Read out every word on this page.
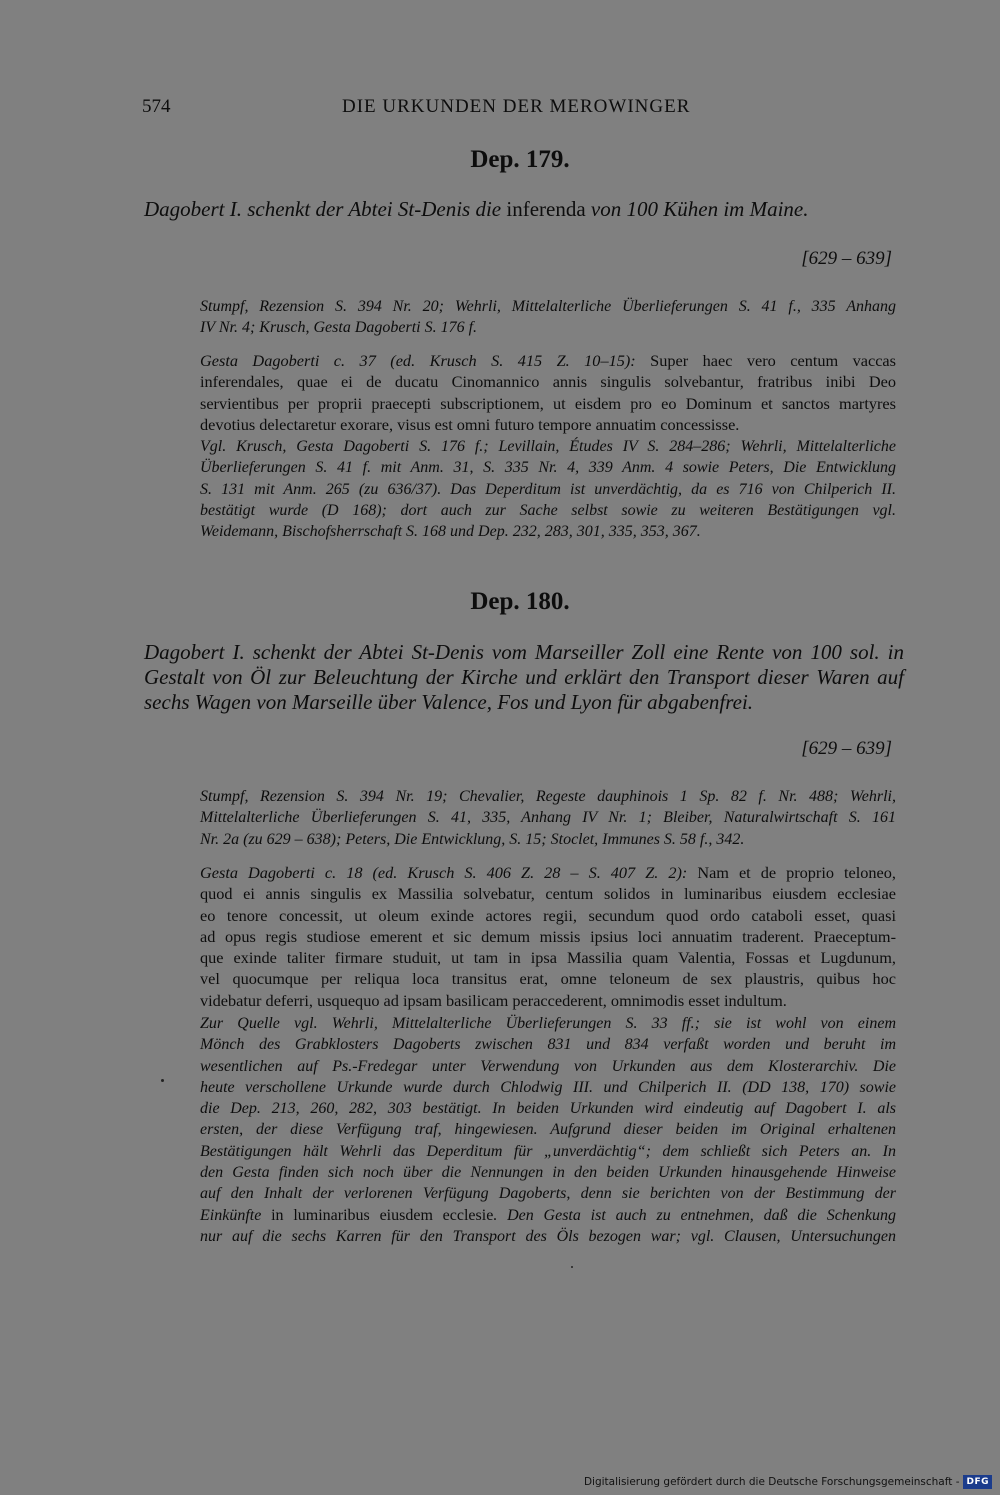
574	DIE URKUNDEN DER MEROWINGER
Dep. 179.
Dagobert I. schenkt der Abtei St-Denis die inferenda von 100 Kühen im Maine.
[629 – 639]
Stumpf, Rezension S. 394 Nr. 20; Wehrli, Mittelalterliche Überlieferungen S. 41 f., 335 Anhang
IV Nr. 4; Krusch, Gesta Dagoberti S. 176 f.
Gesta Dagoberti c. 37 (ed. Krusch S. 415 Z. 10–15): Super haec vero centum vaccas
inferendales, quae ei de ducatu Cinomannico annis singulis solvebantur, fratribus inibi Deo
servientibus per proprii praecepti subscriptionem, ut eisdem pro eo Dominum et sanctos martyres
devotius delectaretur exorare, visus est omni futuro tempore annuatim concessisse.
Vgl. Krusch, Gesta Dagoberti S. 176 f.; Levillain, Études IV S. 284–286; Wehrli, Mittelalterliche
Überlieferungen S. 41 f. mit Anm. 31, S. 335 Nr. 4, 339 Anm. 4 sowie Peters, Die Entwicklung
S. 131 mit Anm. 265 (zu 636/37). Das Deperditum ist unverdächtig, da es 716 von Chilperich II.
bestätigt wurde (D 168); dort auch zur Sache selbst sowie zu weiteren Bestätigungen vgl.
Weidemann, Bischofsherrschaft S. 168 und Dep. 232, 283, 301, 335, 353, 367.
Dep. 180.
Dagobert I. schenkt der Abtei St-Denis vom Marseiller Zoll eine Rente von 100 sol. in
Gestalt von Öl zur Beleuchtung der Kirche und erklärt den Transport dieser Waren auf
sechs Wagen von Marseille über Valence, Fos und Lyon für abgabenfrei.
[629 – 639]
Stumpf, Rezension S. 394 Nr. 19; Chevalier, Regeste dauphinois 1 Sp. 82 f. Nr. 488; Wehrli,
Mittelalterliche Überlieferungen S. 41, 335, Anhang IV Nr. 1; Bleiber, Naturalwirtschaft S. 161
Nr. 2a (zu 629 – 638); Peters, Die Entwicklung, S. 15; Stoclet, Immunes S. 58 f., 342.
Gesta Dagoberti c. 18 (ed. Krusch S. 406 Z. 28 – S. 407 Z. 2): Nam et de proprio teloneo,
quod ei annis singulis ex Massilia solvebatur, centum solidos in luminaribus eiusdem ecclesiae
eo tenore concessit, ut oleum exinde actores regii, secundum quod ordo cataboli esset, quasi
ad opus regis studiose emerent et sic demum missis ipsius loci annuatim traderent. Praeceptum-
que exinde taliter firmare studuit, ut tam in ipsa Massilia quam Valentia, Fossas et Lugdunum,
vel quocumque per reliqua loca transitus erat, omne teloneum de sex plaustris, quibus hoc
videbatur deferri, usquequo ad ipsam basilicam peraccederent, omnimodis esset indultum.
Zur Quelle vgl. Wehrli, Mittelalterliche Überlieferungen S. 33 ff.; sie ist wohl von einem
Mönch des Grabklosters Dagoberts zwischen 831 und 834 verfaßt worden und beruht im
wesentlichen auf Ps.-Fredegar unter Verwendung von Urkunden aus dem Klosterarchiv. Die
heute verschollene Urkunde wurde durch Chlodwig III. und Chilperich II. (DD 138, 170) sowie
die Dep. 213, 260, 282, 303 bestätigt. In beiden Urkunden wird eindeutig auf Dagobert I. als
ersten, der diese Verfügung traf, hingewiesen. Aufgrund dieser beiden im Original erhaltenen
Bestätigungen hält Wehrli das Deperditum für „unverdächtig“; dem schließt sich Peters an. In
den Gesta finden sich noch über die Nennungen in den beiden Urkunden hinausgehende Hinweise
auf den Inhalt der verlorenen Verfügung Dagoberts, denn sie berichten von der Bestimmung der
Einkünfte in luminaribus eiusdem ecclesie. Den Gesta ist auch zu entnehmen, daß die Schenkung
nur auf die sechs Karren für den Transport des Öls bezogen war; vgl. Clausen, Untersuchungen
Digitalisierung gefördert durch die Deutsche Forschungsgemeinschaft - DFG
